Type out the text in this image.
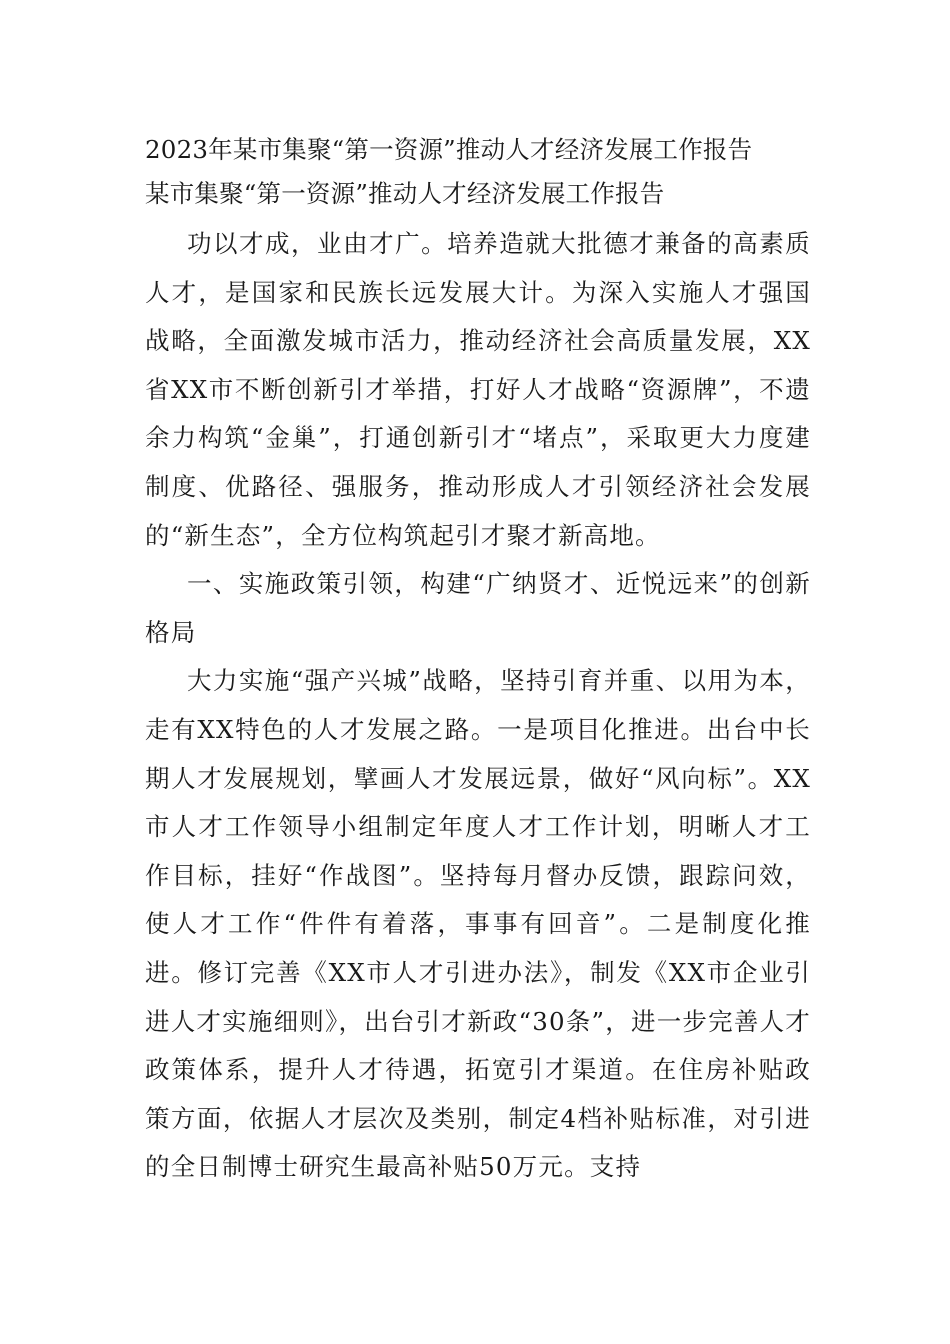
2023年某市集聚“第一资源”推动人才经济发展工作报告
某市集聚“第一资源”推动人才经济发展工作报告

功以才成，业由才广。培养造就大批德才兼备的高素质人才，是国家和民族长远发展大计。为深入实施人才强国战略，全面激发城市活力，推动经济社会高质量发展，XX省XX市不断创新引才举措，打好人才战略“资源牌”，不遗余力构筑“金巢”，打通创新引才“堵点”，采取更大力度建制度、优路径、强服务，推动形成人才引领经济社会发展的“新生态”，全方位构筑起引才聚才新高地。

一、实施政策引领，构建“广纳贤才、近悦远来”的创新格局

大力实施“强产兴城”战略，坚持引育并重、以用为本，走有XX特色的人才发展之路。一是项目化推进。出台中长期人才发展规划，擘画人才发展远景，做好“风向标”。XX市人才工作领导小组制定年度人才工作计划，明晰人才工作目标，挂好“作战图”。坚持每月督办反馈，跟踪问效，使人才工作“件件有着落，事事有回音”。二是制度化推进。修订完善《XX市人才引进办法》，制发《XX市企业引进人才实施细则》，出台引才新政“30条”，进一步完善人才政策体系，提升人才待遇，拓宽引才渠道。在住房补贴政策方面，依据人才层次及类别，制定4档补贴标准，对引进的全日制博士研究生最高补贴50万元。支持
